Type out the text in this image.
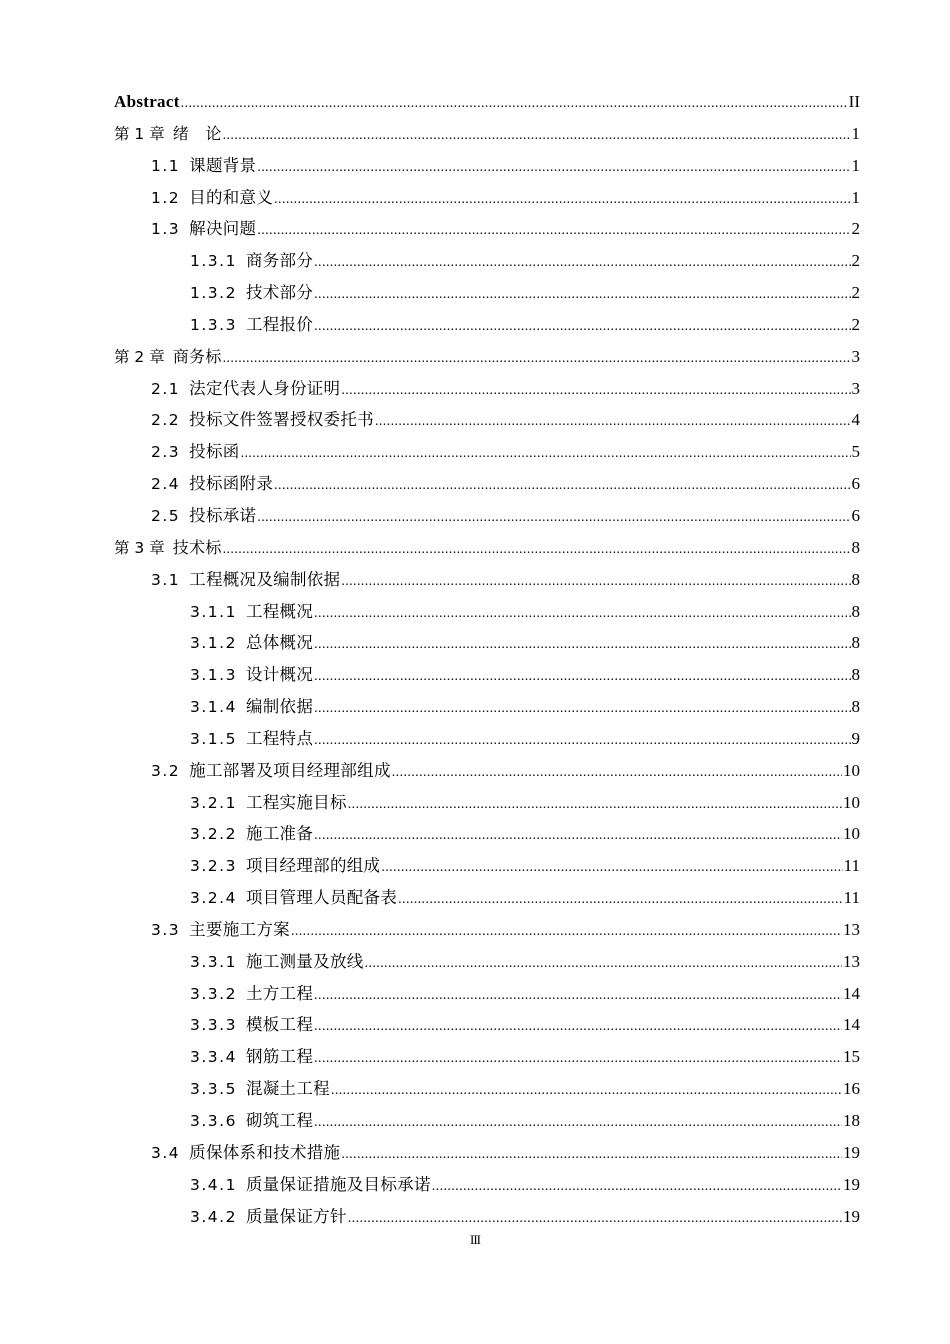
Abstract .....	II
第 1 章 绪　论 .....	1
1.1 课题背景 .....	1
1.2 目的和意义 .....	1
1.3 解决问题 .....	2
1.3.1 商务部分 .....	2
1.3.2 技术部分 .....	2
1.3.3 工程报价 .....	2
第 2 章 商务标 .....	3
2.1 法定代表人身份证明 .....	3
2.2 投标文件签署授权委托书 .....	4
2.3 投标函 .....	5
2.4 投标函附录 .....	6
2.5 投标承诺 .....	6
第 3 章 技术标 .....	8
3.1 工程概况及编制依据 .....	8
3.1.1 工程概况 .....	8
3.1.2 总体概况 .....	8
3.1.3 设计概况 .....	8
3.1.4 编制依据 .....	8
3.1.5 工程特点 .....	9
3.2 施工部署及项目经理部组成 .....	10
3.2.1 工程实施目标 .....	10
3.2.2 施工准备 .....	10
3.2.3 项目经理部的组成 .....	11
3.2.4 项目管理人员配备表 .....	11
3.3 主要施工方案 .....	13
3.3.1 施工测量及放线 .....	13
3.3.2 土方工程 .....	14
3.3.3 模板工程 .....	14
3.3.4 钢筋工程 .....	15
3.3.5 混凝土工程 .....	16
3.3.6 砌筑工程 .....	18
3.4 质保体系和技术措施 .....	19
3.4.1 质量保证措施及目标承诺 .....	19
3.4.2 质量保证方针 .....	19
III
